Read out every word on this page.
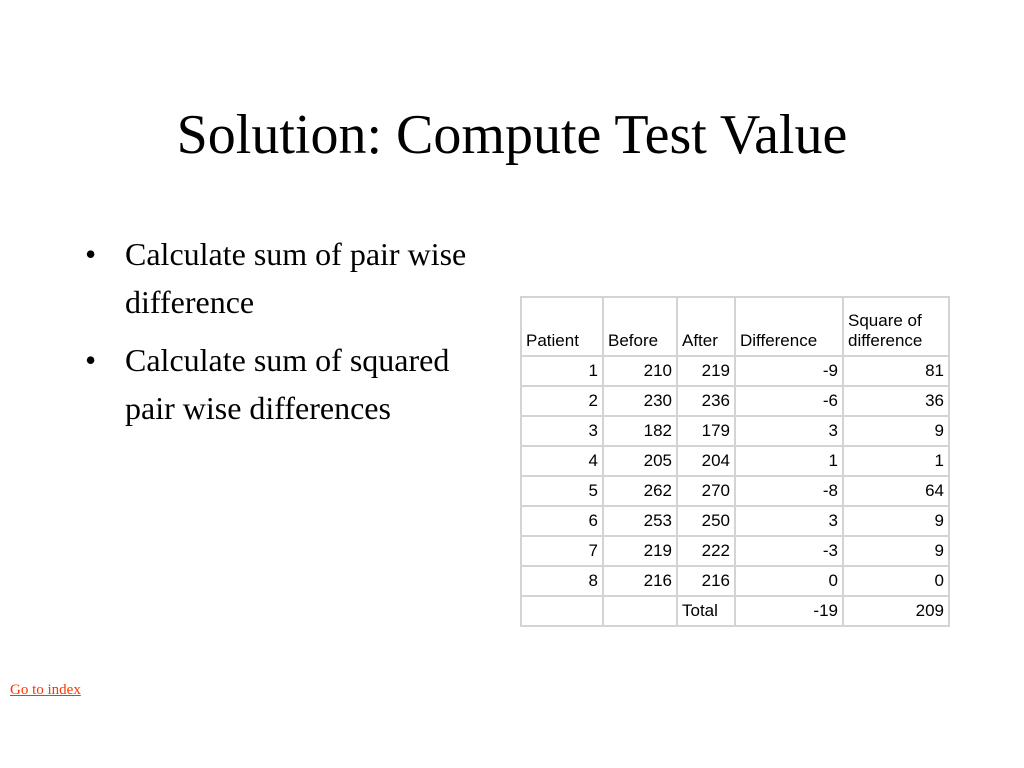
Solution: Compute Test Value
• Calculate sum of pair wise difference
• Calculate sum of squared pair wise differences
Patient	Before	After	Difference	Square of difference
1	210	219	-9	81
2	230	236	-6	36
3	182	179	3	9
4	205	204	1	1
5	262	270	-8	64
6	253	250	3	9
7	219	222	-3	9
8	216	216	0	0
		Total	-19	209
Go to index
